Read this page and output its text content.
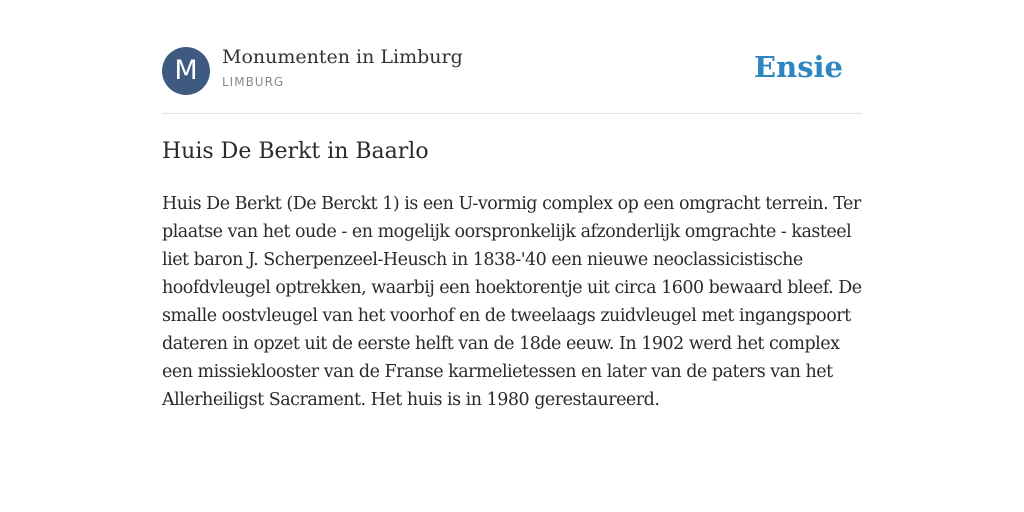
M	Monumenten in Limburg
LIMBURG	Ensie
Huis De Berkt in Baarlo

Huis De Berkt (De Berckt 1) is een U-vormig complex op een omgracht terrein. Ter plaatse van het oude - en mogelijk oorspronkelijk afzonderlijk omgrachte - kasteel liet baron J. Scherpenzeel-Heusch in 1838-'40 een nieuwe neoclassicistische hoofdvleugel optrekken, waarbij een hoektorentje uit circa 1600 bewaard bleef. De smalle oostvleugel van het voorhof en de tweelaags zuidvleugel met ingangspoort dateren in opzet uit de eerste helft van de 18de eeuw. In 1902 werd het complex een missieklooster van de Franse karmelietessen en later van de paters van het Allerheiligst Sacrament. Het huis is in 1980 gerestaureerd.
